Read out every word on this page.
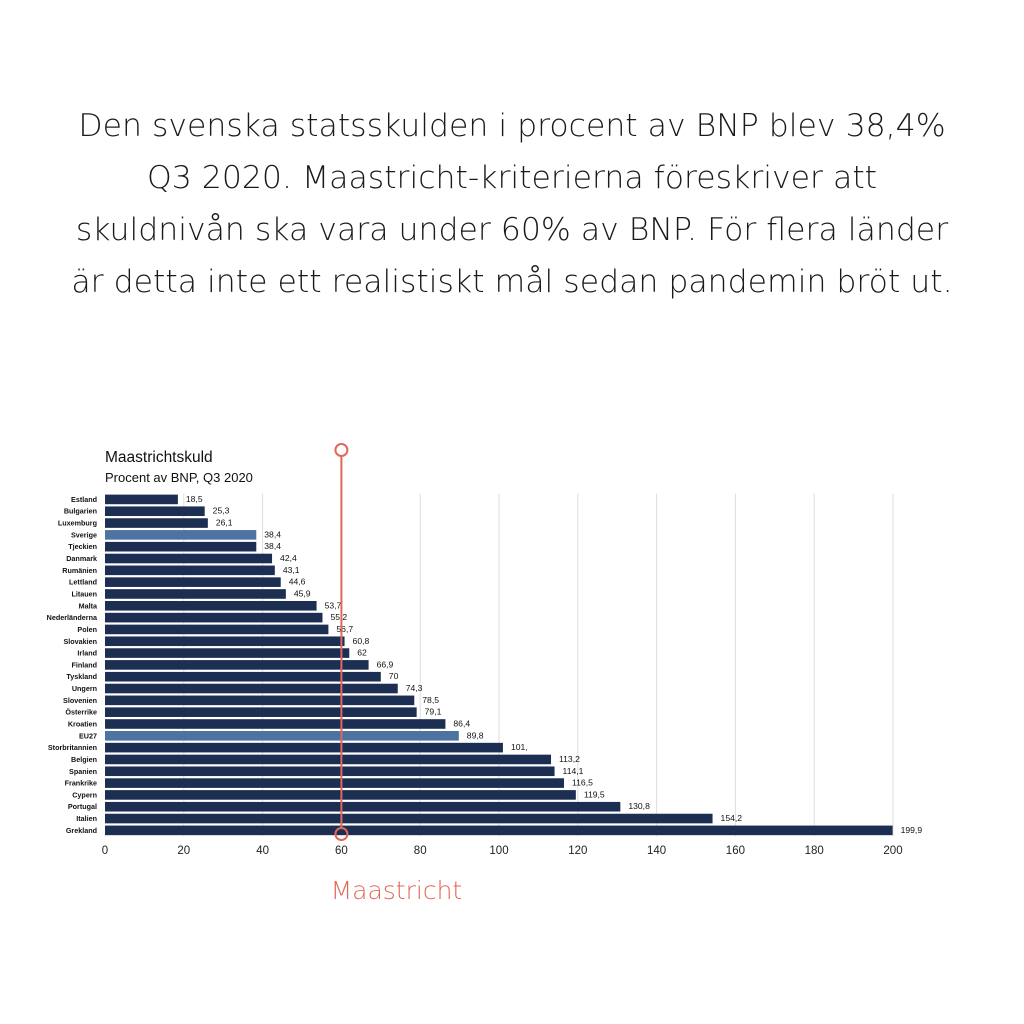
Den svenska statsskulden i procent av BNP blev 38,4% Q3 2020. Maastricht-kriterierna föreskriver att skuldnivån ska vara under 60% av BNP. För flera länder är detta inte ett realistiskt mål sedan pandemin bröt ut.

Maastrichtskuld
Procent av BNP, Q3 2020
Estland
Bulgarien
Luxemburg
Sverige
Tjeckien
Danmark
Rumänien
Lettland
Litauen
Malta
Nederländerna
Polen
Slovakien
Irland
Finland
Tyskland
Ungern
Slovenien
Österrike
Kroatien
EU27
Storbritannien
Belgien
Spanien
Frankrike
Cypern
Portugal
Italien
Grekland
18,5
25,3
26,1
38,4
38,4
42,4
43,1
44,6
45,9
53,7
55,2
56,7
60,8
62
66,9
70
74,3
78,5
79,1
86,4
89,8
101,
113,2
114,1
116,5
119,5
130,8
154,2
199,9
0	20	40	60	80	100	120	140	160	180	200
Maastricht
